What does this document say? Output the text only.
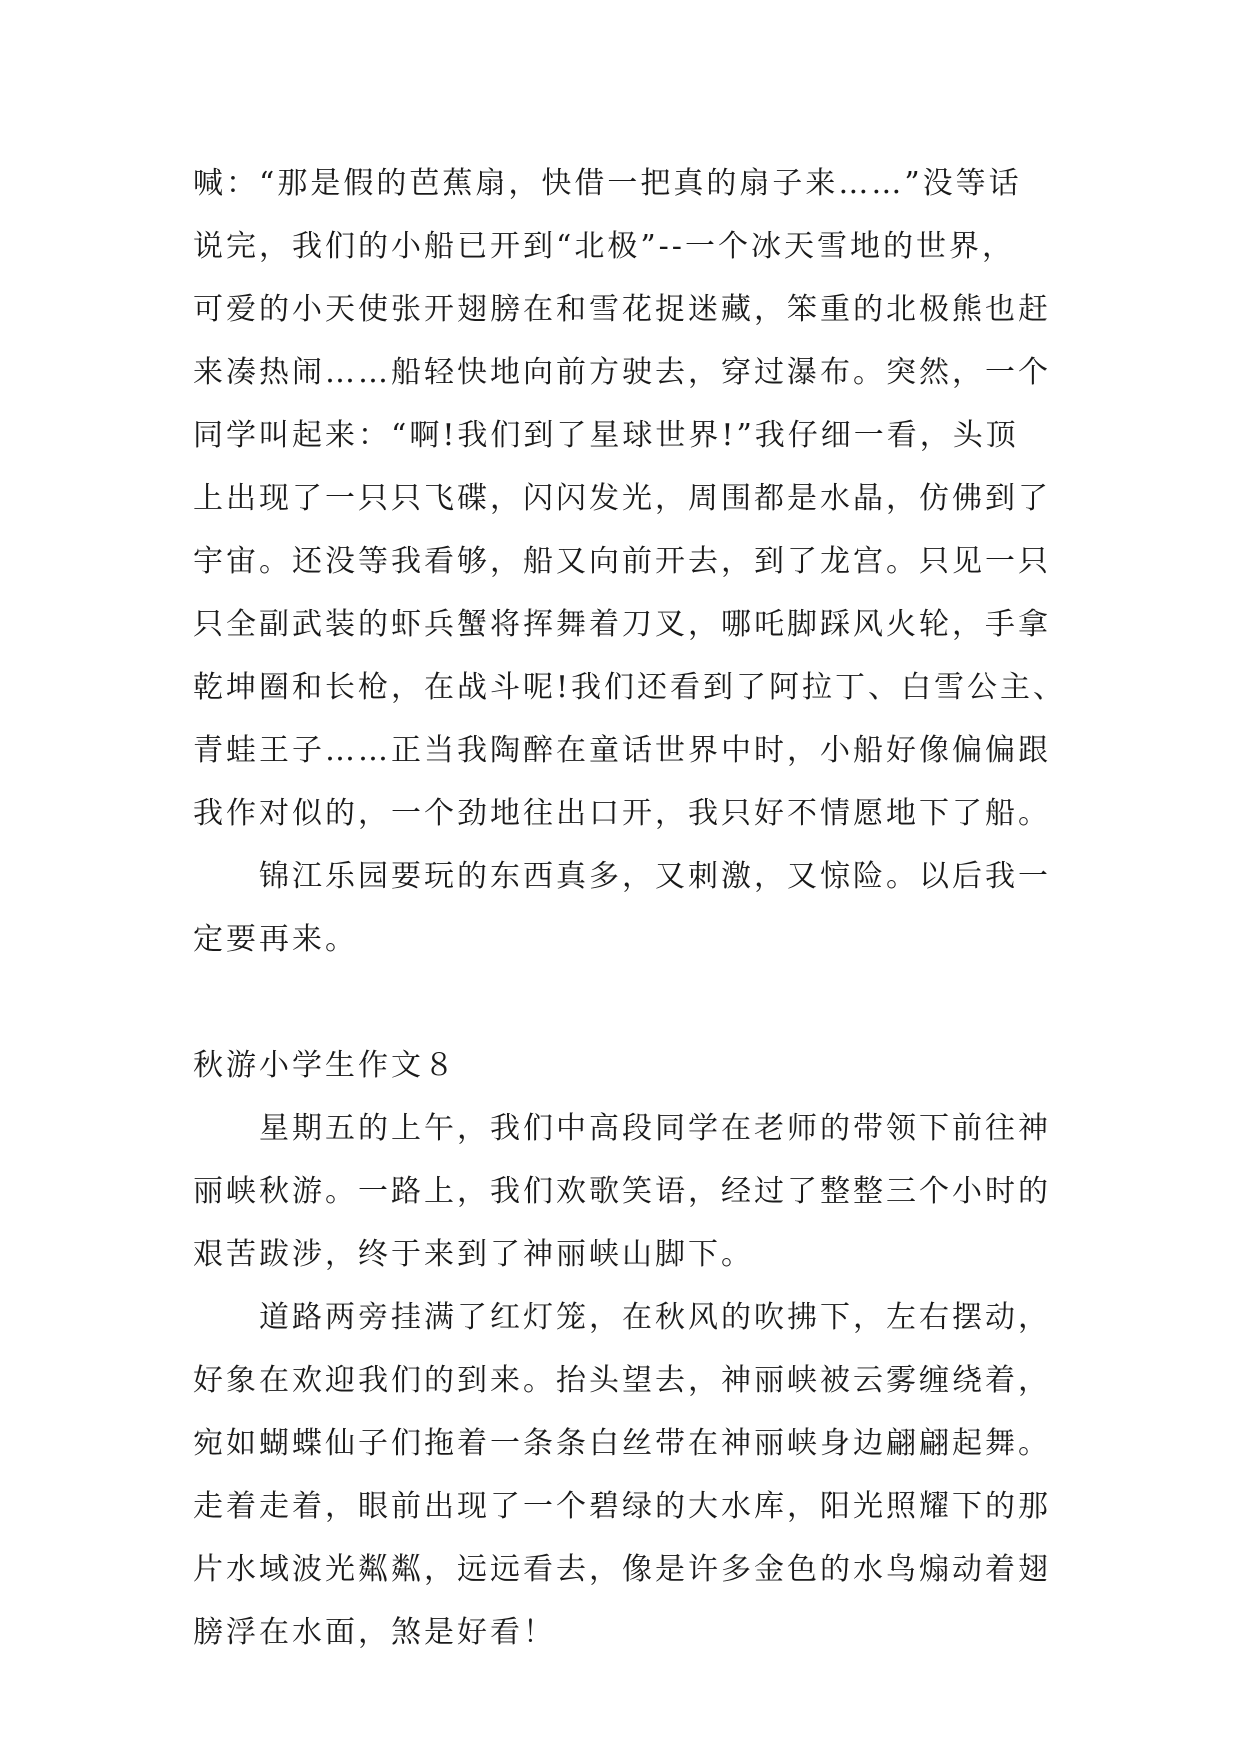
喊：“那是假的芭蕉扇，快借一把真的扇子来……”没等话
说完，我们的小船已开到“北极”--一个冰天雪地的世界，
可爱的小天使张开翅膀在和雪花捉迷藏，笨重的北极熊也赶
来凑热闹……船轻快地向前方驶去，穿过瀑布。突然，一个
同学叫起来：“啊!我们到了星球世界!”我仔细一看，头顶
上出现了一只只飞碟，闪闪发光，周围都是水晶，仿佛到了
宇宙。还没等我看够，船又向前开去，到了龙宫。只见一只
只全副武装的虾兵蟹将挥舞着刀叉，哪吒脚踩风火轮，手拿
乾坤圈和长枪，在战斗呢!我们还看到了阿拉丁、白雪公主、
青蛙王子……正当我陶醉在童话世界中时，小船好像偏偏跟
我作对似的，一个劲地往出口开，我只好不情愿地下了船。
锦江乐园要玩的东西真多，又刺激，又惊险。以后我一
定要再来。
秋游小学生作文８
星期五的上午，我们中高段同学在老师的带领下前往神
丽峡秋游。一路上，我们欢歌笑语，经过了整整三个小时的
艰苦跋涉，终于来到了神丽峡山脚下。
道路两旁挂满了红灯笼，在秋风的吹拂下，左右摆动，
好象在欢迎我们的到来。抬头望去，神丽峡被云雾缠绕着，
宛如蝴蝶仙子们拖着一条条白丝带在神丽峡身边翩翩起舞。
走着走着，眼前出现了一个碧绿的大水库，阳光照耀下的那
片水域波光粼粼，远远看去，像是许多金色的水鸟煽动着翅
膀浮在水面，煞是好看！
